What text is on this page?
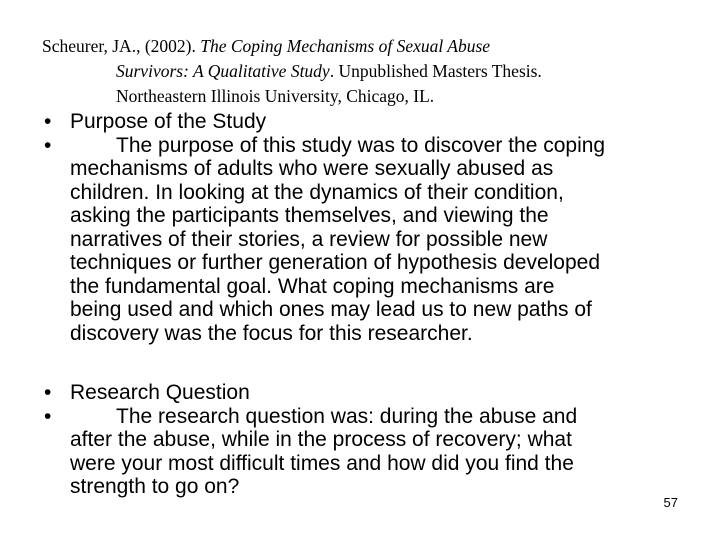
Scheurer, JA., (2002). The Coping Mechanisms of Sexual Abuse
Survivors: A Qualitative Study. Unpublished Masters Thesis.
Northeastern Illinois University, Chicago, IL.
• Purpose of the Study
•	The purpose of this study was to discover the coping
mechanisms of adults who were sexually abused as
children. In looking at the dynamics of their condition,
asking the participants themselves, and viewing the
narratives of their stories, a review for possible new
techniques or further generation of hypothesis developed
the fundamental goal. What coping mechanisms are
being used and which ones may lead us to new paths of
discovery was the focus for this researcher.
• Research Question
•	The research question was: during the abuse and
after the abuse, while in the process of recovery; what
were your most difficult times and how did you find the
strength to go on?
57
